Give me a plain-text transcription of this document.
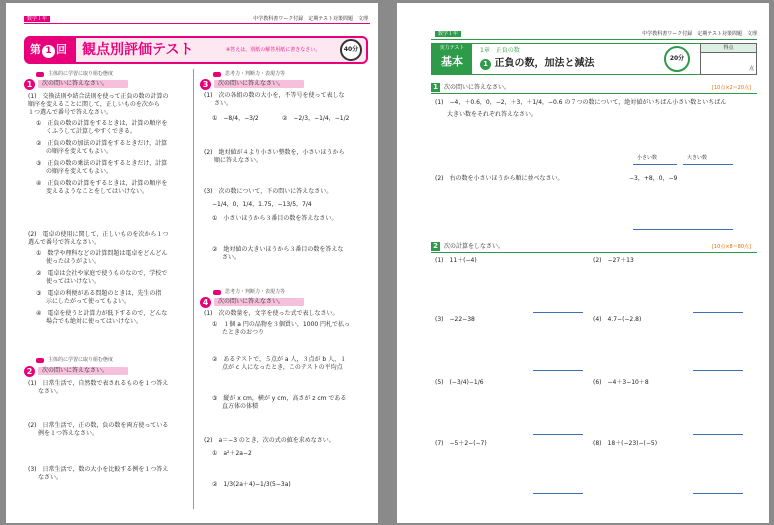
数学１年	中学教科書ワーク付録　定期テスト対策問題　文理
第 1 回	観点別評価テスト	※答えは，別紙の解答用紙に書きなさい。	40分
主体的に学習に取り組む態度
1	次の問いに答えなさい。
(1)　交換法則や結合法則を使って正負の数の計算の
順序を変えることに関して，正しいものを次から
１つ選んで番号で答えなさい。
①　正負の数の計算をするときは，計算の順序を
くふうして計算しやすくできる。
②　正負の数の加法の計算をするときだけ，計算
の順序を変えてもよい。
③　正負の数の乗法の計算をするときだけ，計算
の順序を変えてもよい。
④　正負の数の計算をするときは，計算の順序を
変えるようなことをしてはいけない。
(2)　電卓の使用に関して，正しいものを次から１つ
選んで番号で答えなさい。
①　数学や理科などの計算問題は電卓をどんどん
使ったほうがよい。
②　電卓は会社や家庭で使うものなので，学校で
使ってはいけない。
③　電卓の利便がある問題のときは，先生の指
示にしたがって使ってもよい。
④　電卓を使うと計算力が低下するので，どんな
場合でも絶対に使ってはいけない。
主体的に学習に取り組む態度
2	次の問いに答えなさい。
(1)　日常生活で，自然数で表されるものを１つ答え
なさい。
(2)　日常生活で，正の数，負の数を両方使っている
例を１つ答えなさい。
(3)　日常生活で，数の大小を比較する例を１つ答え
なさい。
思考力・判断力・表現力等
3	次の問いに答えなさい。
(1)　次の各組の数の大小を，不等号を使って表しな
さい。
①　−8/4，−3/2	②　−2/3，−1/4，−1/2
(2)　絶対値が４より小さい整数を，小さいほうから
順に答えなさい。
(3)　次の数について，下の問いに答えなさい。
−1/4，0，1/4，1.75，−13/5，7/4
①　小さいほうから３番目の数を答えなさい。
②　絶対値の大きいほうから３番目の数を答えな
さい。
思考力・判断力・表現力等
4	次の問いに答えなさい。
(1)　次の数量を，文字を使った式で表しなさい。
①　１個 a 円の品物を３個買い，1000 円札で払っ
たときのおつり
②　あるテストで，５点が a 人，３点が b 人，１
点が c 人になったとき，このテストの平均点
③　縦が x cm，横が y cm，高さが z cm である
直方体の体積
(2)　a＝−3 のとき，次の式の値を求めなさい。
①　a²＋2a−2
②　1/3(2a＋4)−1/3(5−3a)
数学１年	中学教科書ワーク付録　定期テスト対策問題　文理
実力テスト
基本
1章　正負の数
1 正負の数，加法と減法	20分
得点
点
1	次の問いに答えなさい。	[10点×2＝20点]
(1)　−4，＋0.6，0，−2，＋3，＋1/4，−0.6 の７つの数について，絶対値がいちばん小さい数といちばん
大きい数をそれぞれ答えなさい。
小さい数	大きい数
(2)　右の数を小さいほうから順に並べなさい。	−3，+8，0，−9
2	次の計算をしなさい。	[10点×8＝80点]
(1)　11＋(−4)	(2)　−27＋13
(3)　−22−38	(4)　4.7−(−2.8)
(5)　(−3/4)−1/6	(6)　−4＋3−10＋8
(7)　−5＋2−(−7)	(8)　18＋(−23)−(−5)
